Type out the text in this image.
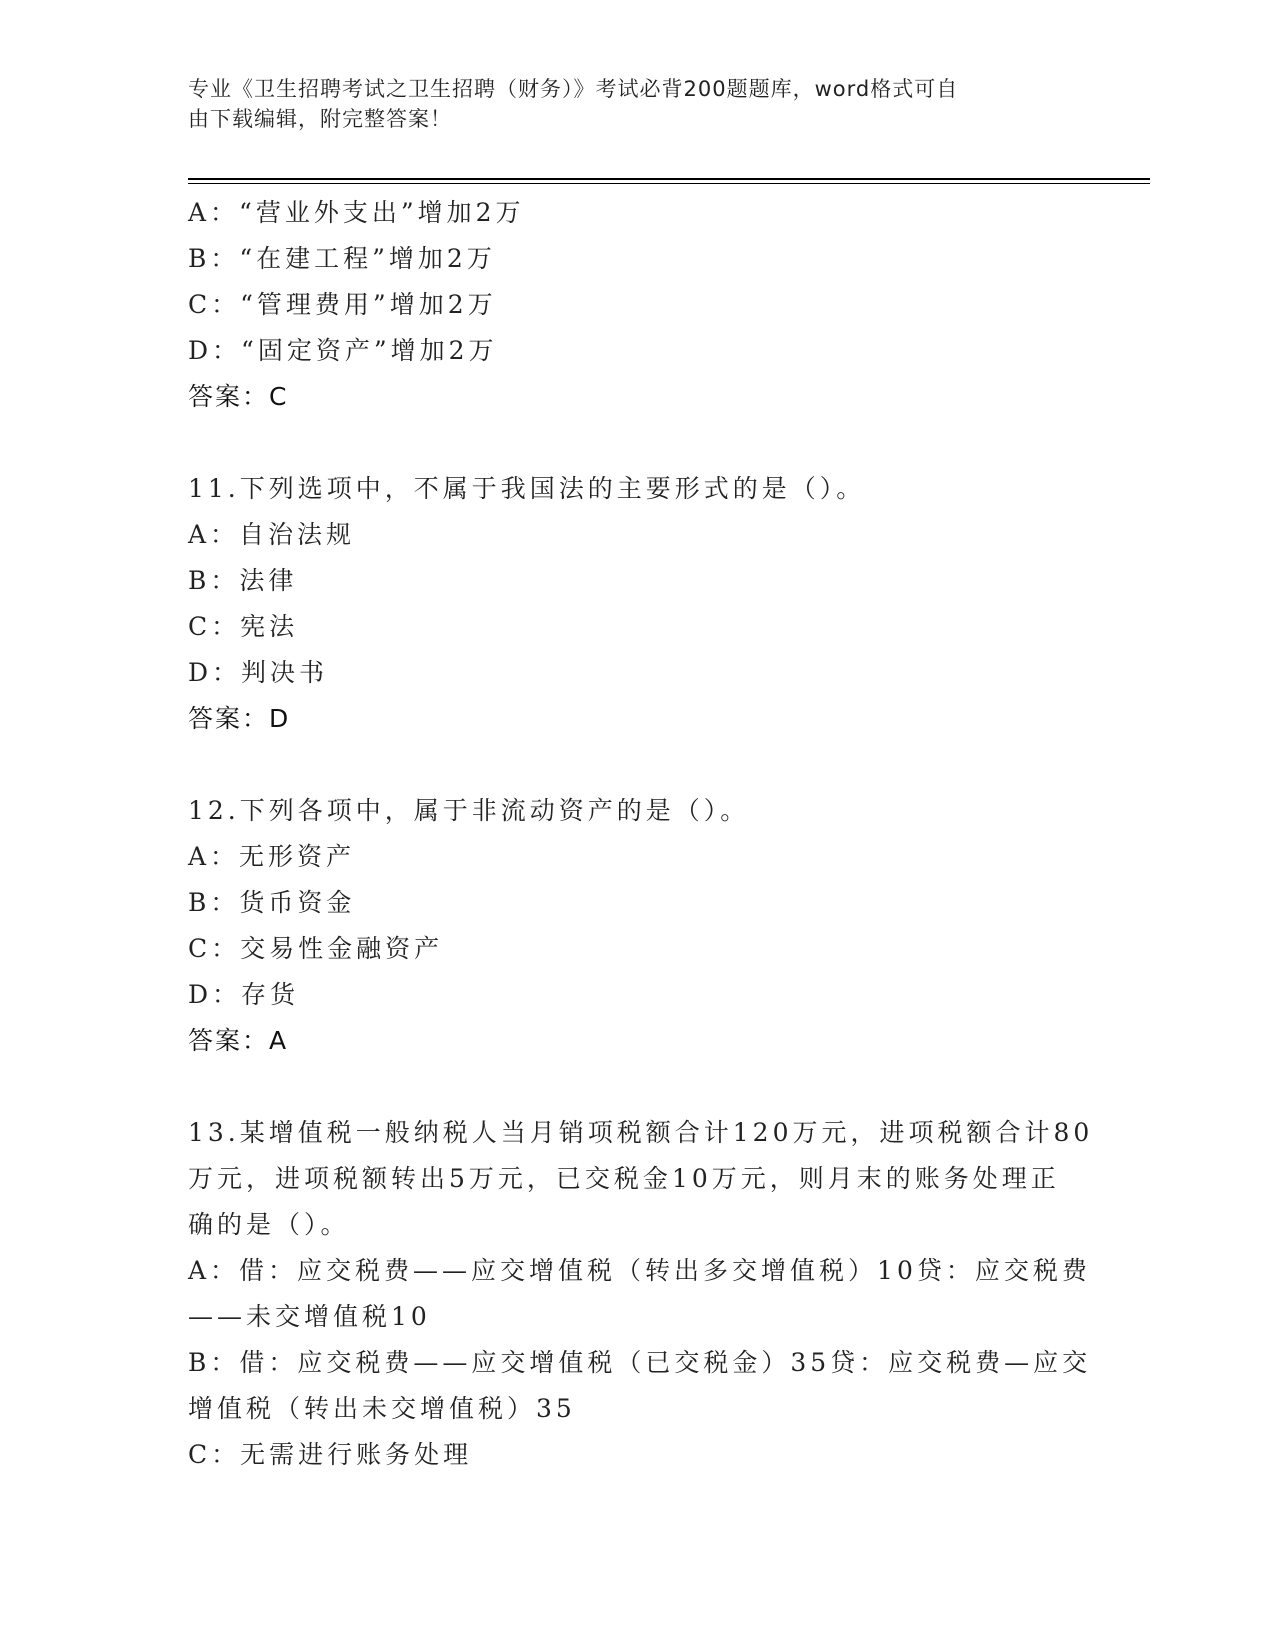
专业《卫生招聘考试之卫生招聘（财务）》考试必背200题题库，word格式可自
由下载编辑，附完整答案！
A：“营业外支出”增加2万
B：“在建工程”增加2万
C：“管理费用”增加2万
D：“固定资产”增加2万
答案：C
11.下列选项中，不属于我国法的主要形式的是（）。
A：自治法规
B：法律
C：宪法
D：判决书
答案：D
12.下列各项中，属于非流动资产的是（）。
A：无形资产
B：货币资金
C：交易性金融资产
D：存货
答案：A
13.某增值税一般纳税人当月销项税额合计120万元，进项税额合计80
万元，进项税额转出5万元，已交税金10万元，则月末的账务处理正
确的是（）。
A：借：应交税费——应交增值税（转出多交增值税）10贷：应交税费
——未交增值税10
B：借：应交税费——应交增值税（已交税金）35贷：应交税费—应交
增值税（转出未交增值税）35
C：无需进行账务处理
